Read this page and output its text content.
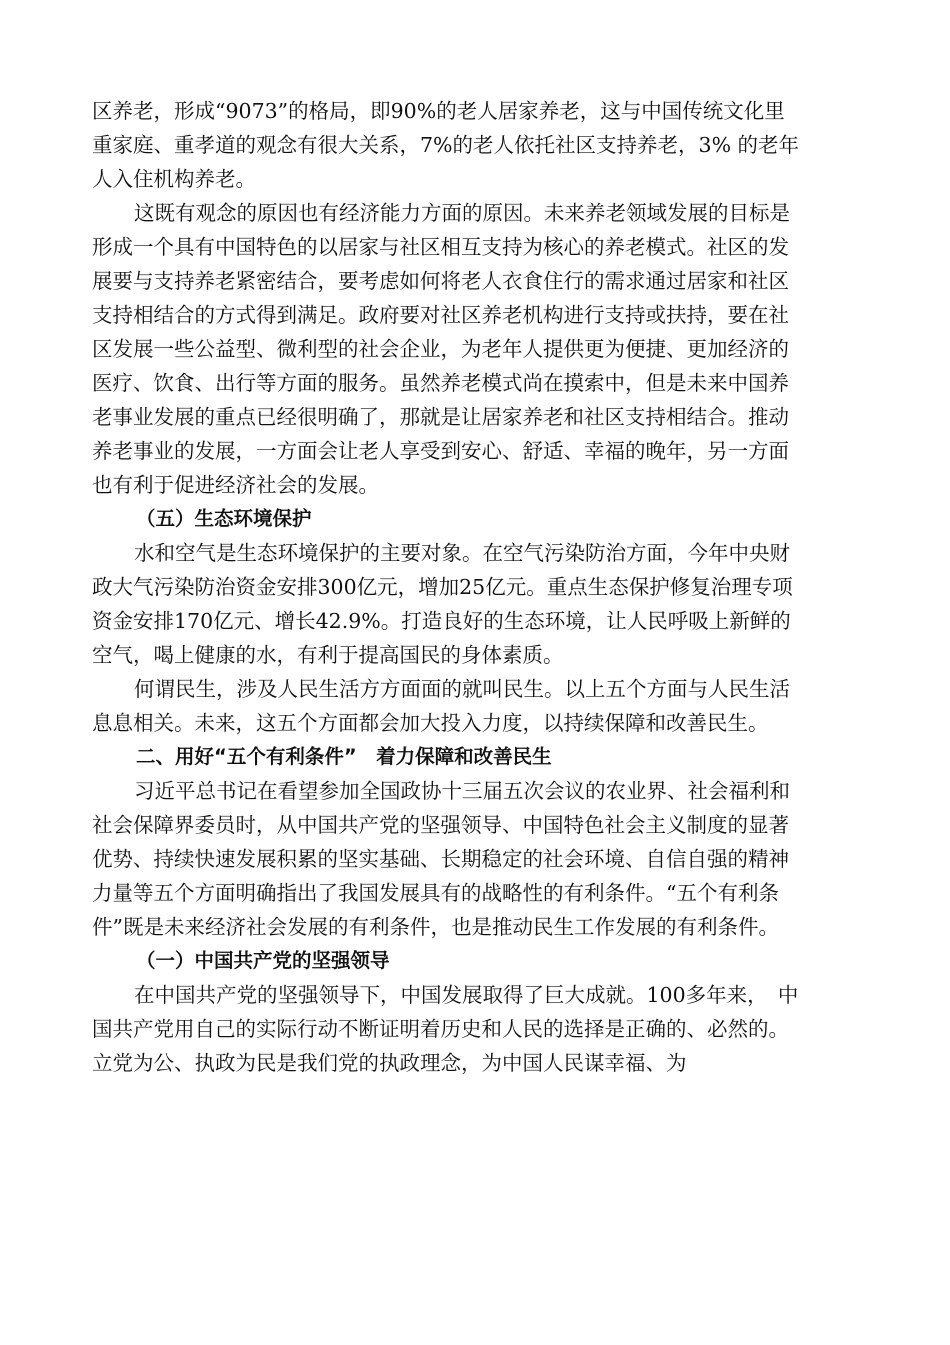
区养老，形成“9073”的格局，即90%的老人居家养老，这与中国传统文化里
重家庭、重孝道的观念有很大关系，7%的老人依托社区支持养老，3% 的老年
人入住机构养老。
这既有观念的原因也有经济能力方面的原因。未来养老领域发展的目标是
形成一个具有中国特色的以居家与社区相互支持为核心的养老模式。社区的发
展要与支持养老紧密结合，要考虑如何将老人衣食住行的需求通过居家和社区
支持相结合的方式得到满足。政府要对社区养老机构进行支持或扶持，要在社
区发展一些公益型、微利型的社会企业，为老年人提供更为便捷、更加经济的
医疗、饮食、出行等方面的服务。虽然养老模式尚在摸索中，但是未来中国养
老事业发展的重点已经很明确了，那就是让居家养老和社区支持相结合。推动
养老事业的发展，一方面会让老人享受到安心、舒适、幸福的晚年，另一方面
也有利于促进经济社会的发展。
（五）生态环境保护
水和空气是生态环境保护的主要对象。在空气污染防治方面，今年中央财
政大气污染防治资金安排300亿元，增加25亿元。重点生态保护修复治理专项
资金安排170亿元、增长42.9%。打造良好的生态环境，让人民呼吸上新鲜的
空气，喝上健康的水，有利于提高国民的身体素质。
何谓民生，涉及人民生活方方面面的就叫民生。以上五个方面与人民生活
息息相关。未来，这五个方面都会加大投入力度，以持续保障和改善民生。
二、用好“五个有利条件”　着力保障和改善民生
习近平总书记在看望参加全国政协十三届五次会议的农业界、社会福利和
社会保障界委员时，从中国共产党的坚强领导、中国特色社会主义制度的显著
优势、持续快速发展积累的坚实基础、长期稳定的社会环境、自信自强的精神
力量等五个方面明确指出了我国发展具有的战略性的有利条件。“五个有利条
件”既是未来经济社会发展的有利条件，也是推动民生工作发展的有利条件。
（一）中国共产党的坚强领导
在中国共产党的坚强领导下，中国发展取得了巨大成就。100多年来，　中
国共产党用自己的实际行动不断证明着历史和人民的选择是正确的、必然的。
立党为公、执政为民是我们党的执政理念，为中国人民谋幸福、为
